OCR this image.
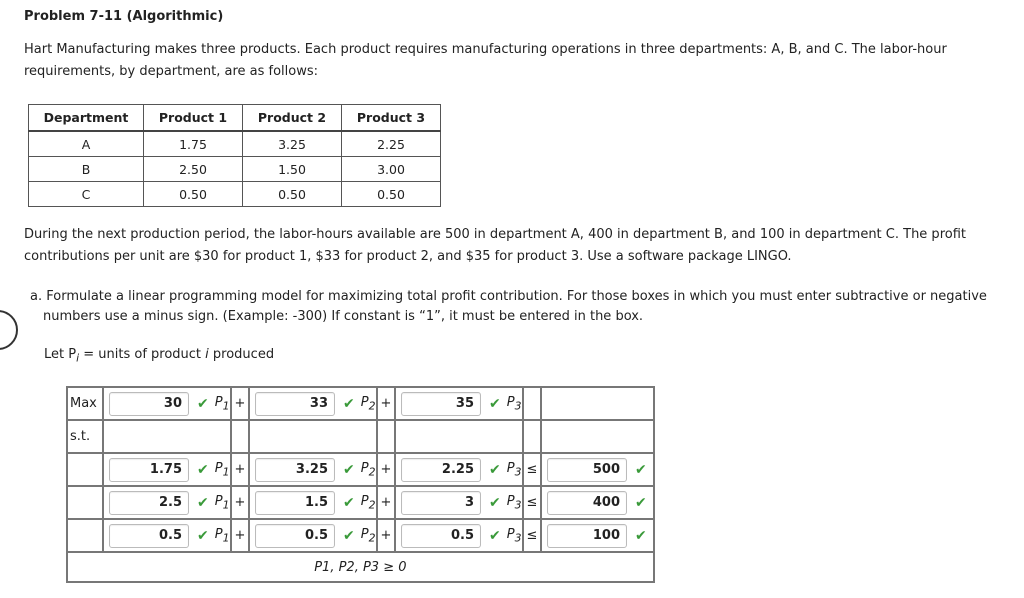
Problem 7-11 (Algorithmic)
Hart Manufacturing makes three products. Each product requires manufacturing operations in three departments: A, B, and C. The labor-hour requirements, by department, are as follows:
Department	Product 1	Product 2	Product 3
A	1.75	3.25	2.25
B	2.50	1.50	3.00
C	0.50	0.50	0.50
During the next production period, the labor-hours available are 500 in department A, 400 in department B, and 100 in department C. The profit contributions per unit are $30 for product 1, $33 for product 2, and $35 for product 3. Use a software package LINGO.
a. Formulate a linear programming model for maximizing total profit contribution. For those boxes in which you must enter subtractive or negative numbers use a minus sign. (Example: -300) If constant is “1”, it must be entered in the box.
Let $P_i$ = units of product i produced
Max	30 ✔ $P_1$	+	33 ✔ $P_2$	+	35 ✔ $P_3$

s.t.							

	1.75 ✔ $P_1$	+	3.25 ✔ $P_2$	+	2.25 ✔ $P_3$	≤	500 ✔

	2.5 ✔ $P_1$	+	1.5 ✔ $P_2$	+	3 ✔ $P_3$	≤	400 ✔

	0.5 ✔ $P_1$	+	0.5 ✔ $P_2$	+	0.5 ✔ $P_3$	≤	100 ✔

P1, P2, P3 ≥ 0							
